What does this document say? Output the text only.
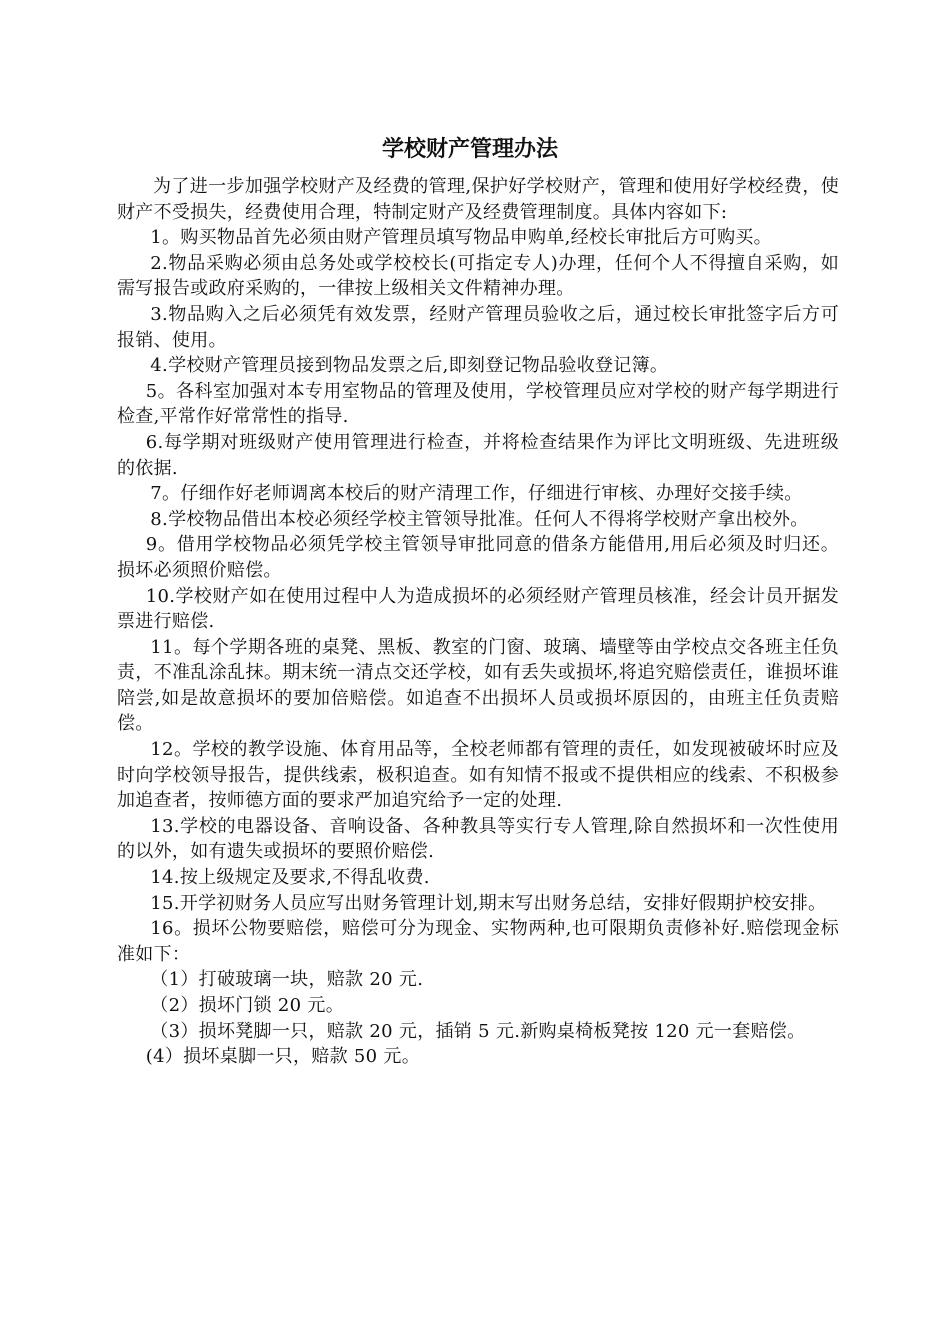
学校财产管理办法

为了进一步加强学校财产及经费的管理,保护好学校财产，管理和使用好学校经费，使财产不受损失，经费使用合理，特制定财产及经费管理制度。具体内容如下:

1。购买物品首先必须由财产管理员填写物品申购单,经校长审批后方可购买。

2.物品采购必须由总务处或学校校长(可指定专人)办理，任何个人不得擅自采购，如需写报告或政府采购的，一律按上级相关文件精神办理。

3.物品购入之后必须凭有效发票，经财产管理员验收之后，通过校长审批签字后方可报销、使用。

4.学校财产管理员接到物品发票之后,即刻登记物品验收登记簿。

5。各科室加强对本专用室物品的管理及使用，学校管理员应对学校的财产每学期进行检查,平常作好常常性的指导.

6.每学期对班级财产使用管理进行检查，并将检查结果作为评比文明班级、先进班级的依据.

7。仔细作好老师调离本校后的财产清理工作，仔细进行审核、办理好交接手续。

8.学校物品借出本校必须经学校主管领导批准。任何人不得将学校财产拿出校外。

9。借用学校物品必须凭学校主管领导审批同意的借条方能借用,用后必须及时归还。损坏必须照价赔偿。

10.学校财产如在使用过程中人为造成损坏的必须经财产管理员核准，经会计员开据发票进行赔偿.

11。每个学期各班的桌凳、黑板、教室的门窗、玻璃、墙壁等由学校点交各班主任负责，不准乱涂乱抹。期末统一清点交还学校，如有丢失或损坏,将追究赔偿责任，谁损坏谁陪尝,如是故意损坏的要加倍赔偿。如追查不出损坏人员或损坏原因的，由班主任负责赔偿。

12。学校的教学设施、体育用品等，全校老师都有管理的责任，如发现被破坏时应及时向学校领导报告，提供线索，极积追查。如有知情不报或不提供相应的线索、不积极参加追查者，按师德方面的要求严加追究给予一定的处理.

13.学校的电器设备、音响设备、各种教具等实行专人管理,除自然损坏和一次性使用的以外，如有遗失或损坏的要照价赔偿.

14.按上级规定及要求,不得乱收费.

15.开学初财务人员应写出财务管理计划,期末写出财务总结，安排好假期护校安排。

16。损坏公物要赔偿，赔偿可分为现金、实物两种,也可限期负责修补好.赔偿现金标准如下：

（1）打破玻璃一块，赔款 20 元.

（2）损坏门锁 20 元。

（3）损坏凳脚一只，赔款 20 元，插销 5 元.新购桌椅板凳按 120 元一套赔偿。

(4）损坏桌脚一只，赔款 50 元。
